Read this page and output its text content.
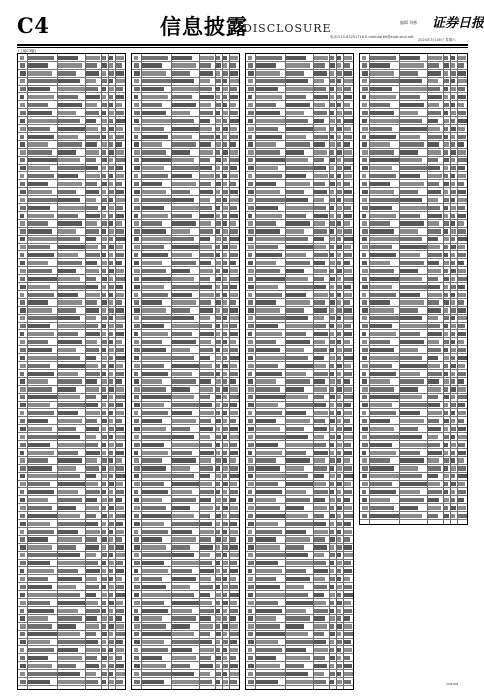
C4	信息披露
DISCLOSURE	编辑 刘彬 证券日报
电话:010-83251716 E-mail:zqrb9@zqrb.sina.net
2024年3月16日 星期六
(上接C3版)
CM1009
